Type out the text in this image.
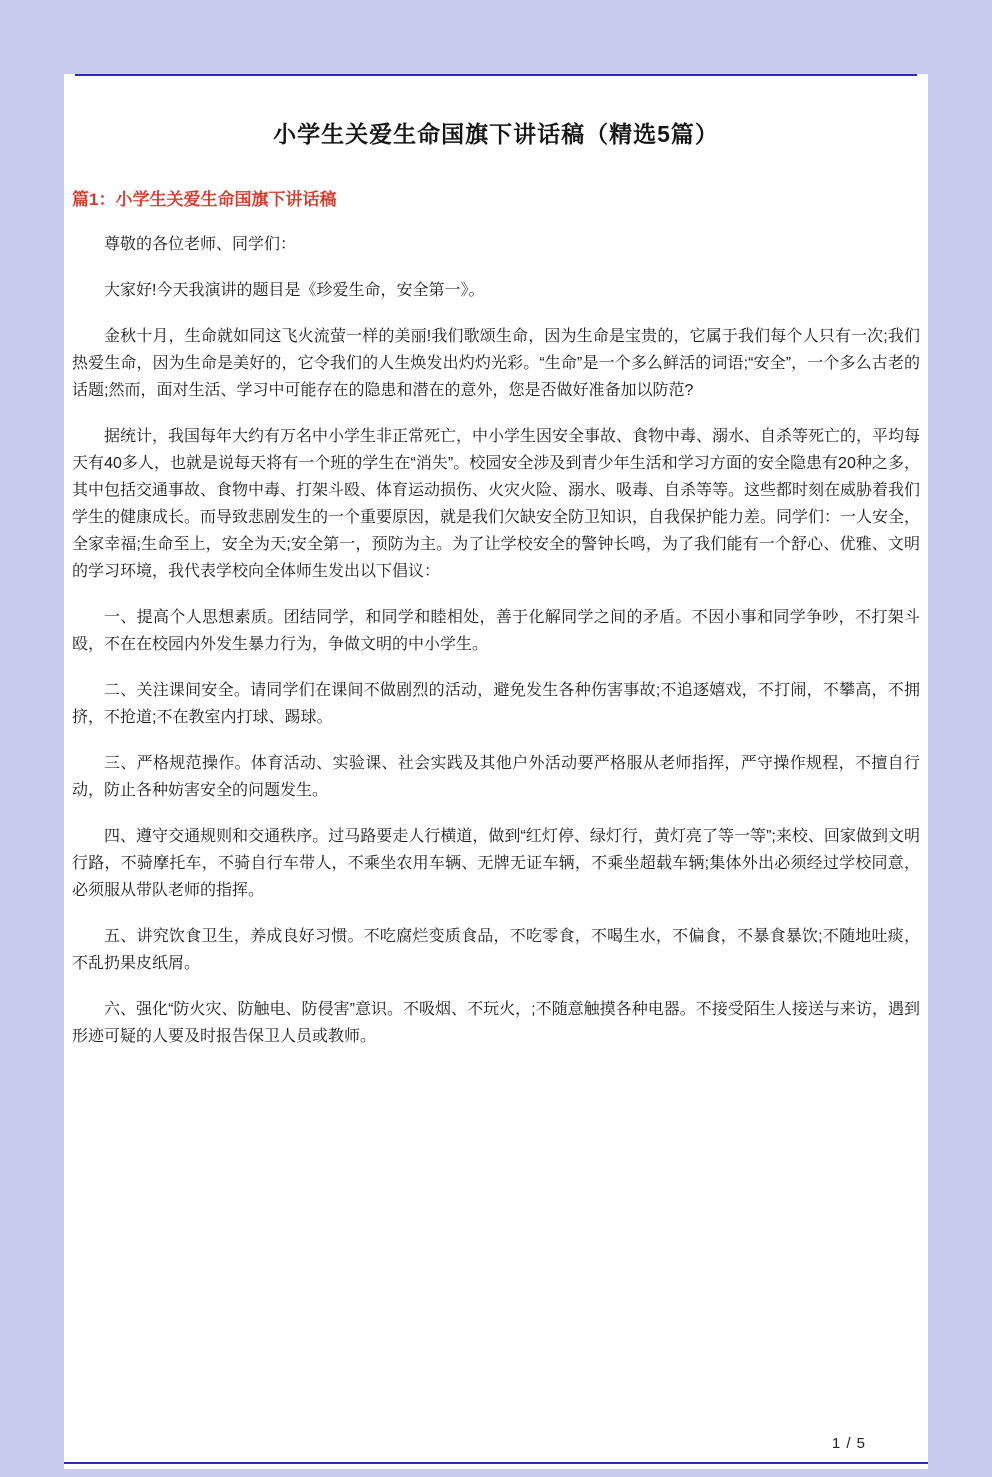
小学生关爱生命国旗下讲话稿（精选5篇）
篇1：小学生关爱生命国旗下讲话稿

尊敬的各位老师、同学们：

大家好!今天我演讲的题目是《珍爱生命，安全第一》。

金秋十月，生命就如同这飞火流萤一样的美丽!我们歌颂生命，因为生命是宝贵的，它属于我们每个人只有一次;我们热爱生命，因为生命是美好的，它令我们的人生焕发出灼灼光彩。“生命”是一个多么鲜活的词语;“安全”，一个多么古老的话题;然而，面对生活、学习中可能存在的隐患和潜在的意外，您是否做好准备加以防范?

据统计，我国每年大约有万名中小学生非正常死亡，中小学生因安全事故、食物中毒、溺水、自杀等死亡的，平均每天有40多人，也就是说每天将有一个班的学生在“消失”。校园安全涉及到青少年生活和学习方面的安全隐患有20种之多，其中包括交通事故、食物中毒、打架斗殴、体育运动损伤、火灾火险、溺水、吸毒、自杀等等。这些都时刻在威胁着我们学生的健康成长。而导致悲剧发生的一个重要原因，就是我们欠缺安全防卫知识，自我保护能力差。同学们：一人安全，全家幸福;生命至上，安全为天;安全第一，预防为主。为了让学校安全的警钟长鸣，为了我们能有一个舒心、优雅、文明的学习环境，我代表学校向全体师生发出以下倡议：

一、提高个人思想素质。团结同学，和同学和睦相处，善于化解同学之间的矛盾。不因小事和同学争吵，不打架斗殴，不在在校园内外发生暴力行为，争做文明的中小学生。

二、关注课间安全。请同学们在课间不做剧烈的活动，避免发生各种伤害事故;不追逐嬉戏，不打闹，不攀高，不拥挤，不抢道;不在教室内打球、踢球。

三、严格规范操作。体育活动、实验课、社会实践及其他户外活动要严格服从老师指挥，严守操作规程，不擅自行动，防止各种妨害安全的问题发生。

四、遵守交通规则和交通秩序。过马路要走人行横道，做到“红灯停、绿灯行，黄灯亮了等一等”;来校、回家做到文明行路，不骑摩托车，不骑自行车带人，不乘坐农用车辆、无牌无证车辆，不乘坐超载车辆;集体外出必须经过学校同意，必须服从带队老师的指挥。

五、讲究饮食卫生，养成良好习惯。不吃腐烂变质食品，不吃零食，不喝生水，不偏食，不暴食暴饮;不随地吐痰，不乱扔果皮纸屑。

六、强化“防火灾、防触电、防侵害”意识。不吸烟、不玩火，;不随意触摸各种电器。不接受陌生人接送与来访，遇到形迹可疑的人要及时报告保卫人员或教师。

1 / 5
